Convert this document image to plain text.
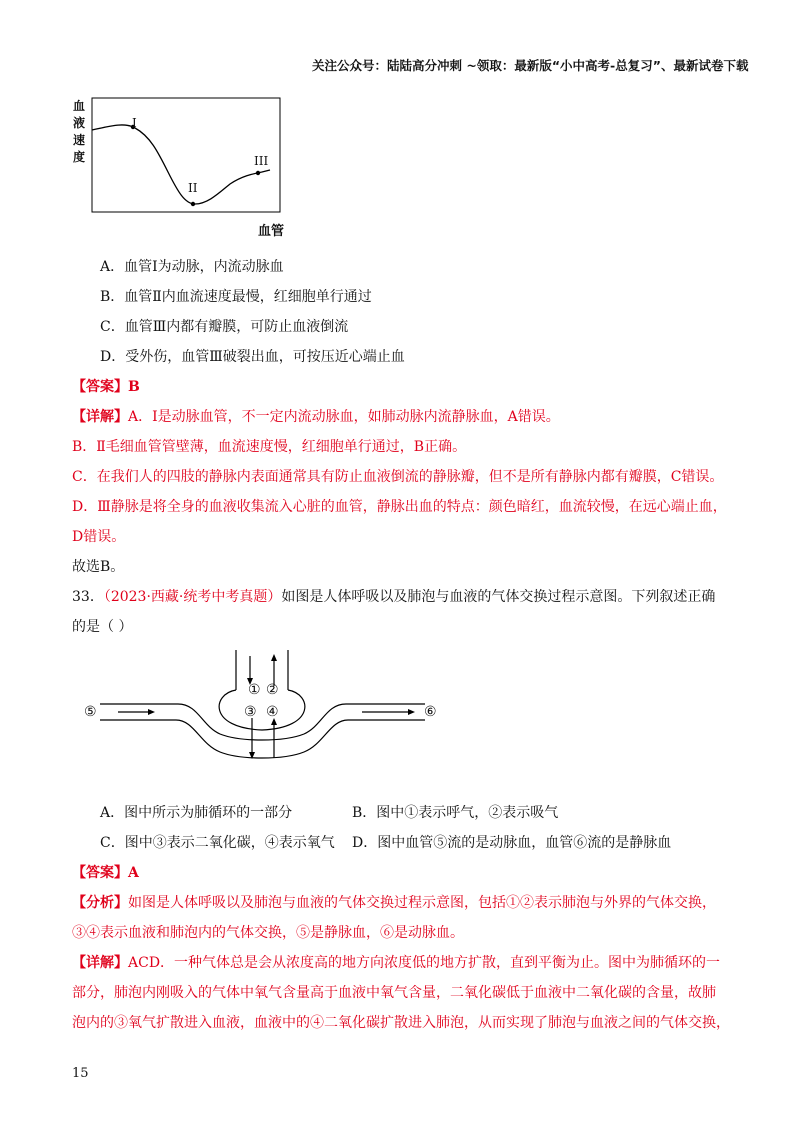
关注公众号：陆陆高分冲刺 ~领取：最新版“小中高考-总复习”、最新试卷下载
血
液
速
度
I
II
III
血管
A．血管Ⅰ为动脉，内流动脉血
B．血管Ⅱ内血流速度最慢，红细胞单行通过
C．血管Ⅲ内都有瓣膜，可防止血液倒流
D．受外伤，血管Ⅲ破裂出血，可按压近心端止血
【答案】B
【详解】A．Ⅰ是动脉血管，不一定内流动脉血，如肺动脉内流静脉血，A错误。
B．Ⅱ毛细血管管壁薄，血流速度慢，红细胞单行通过，B正确。
C．在我们人的四肢的静脉内表面通常具有防止血液倒流的静脉瓣，但不是所有静脉内都有瓣膜，C错误。
D．Ⅲ静脉是将全身的血液收集流入心脏的血管，静脉出血的特点：颜色暗红，血流较慢，在远心端止血，
D错误。
故选B。
33．（2023·西藏·统考中考真题）如图是人体呼吸以及肺泡与血液的气体交换过程示意图。下列叙述正确
的是（ ）
① ②
③ ④
⑤	⑥
A．图中所示为肺循环的一部分	B．图中①表示呼气，②表示吸气
C．图中③表示二氧化碳，④表示氧气 D．图中血管⑤流的是动脉血，血管⑥流的是静脉血
【答案】A
【分析】如图是人体呼吸以及肺泡与血液的气体交换过程示意图，包括①②表示肺泡与外界的气体交换，
③④表示血液和肺泡内的气体交换，⑤是静脉血，⑥是动脉血。
【详解】ACD．一种气体总是会从浓度高的地方向浓度低的地方扩散，直到平衡为止。图中为肺循环的一
部分，肺泡内刚吸入的气体中氧气含量高于血液中氧气含量，二氧化碳低于血液中二氧化碳的含量，故肺
泡内的③氧气扩散进入血液，血液中的④二氧化碳扩散进入肺泡，从而实现了肺泡与血液之间的气体交换，
15
